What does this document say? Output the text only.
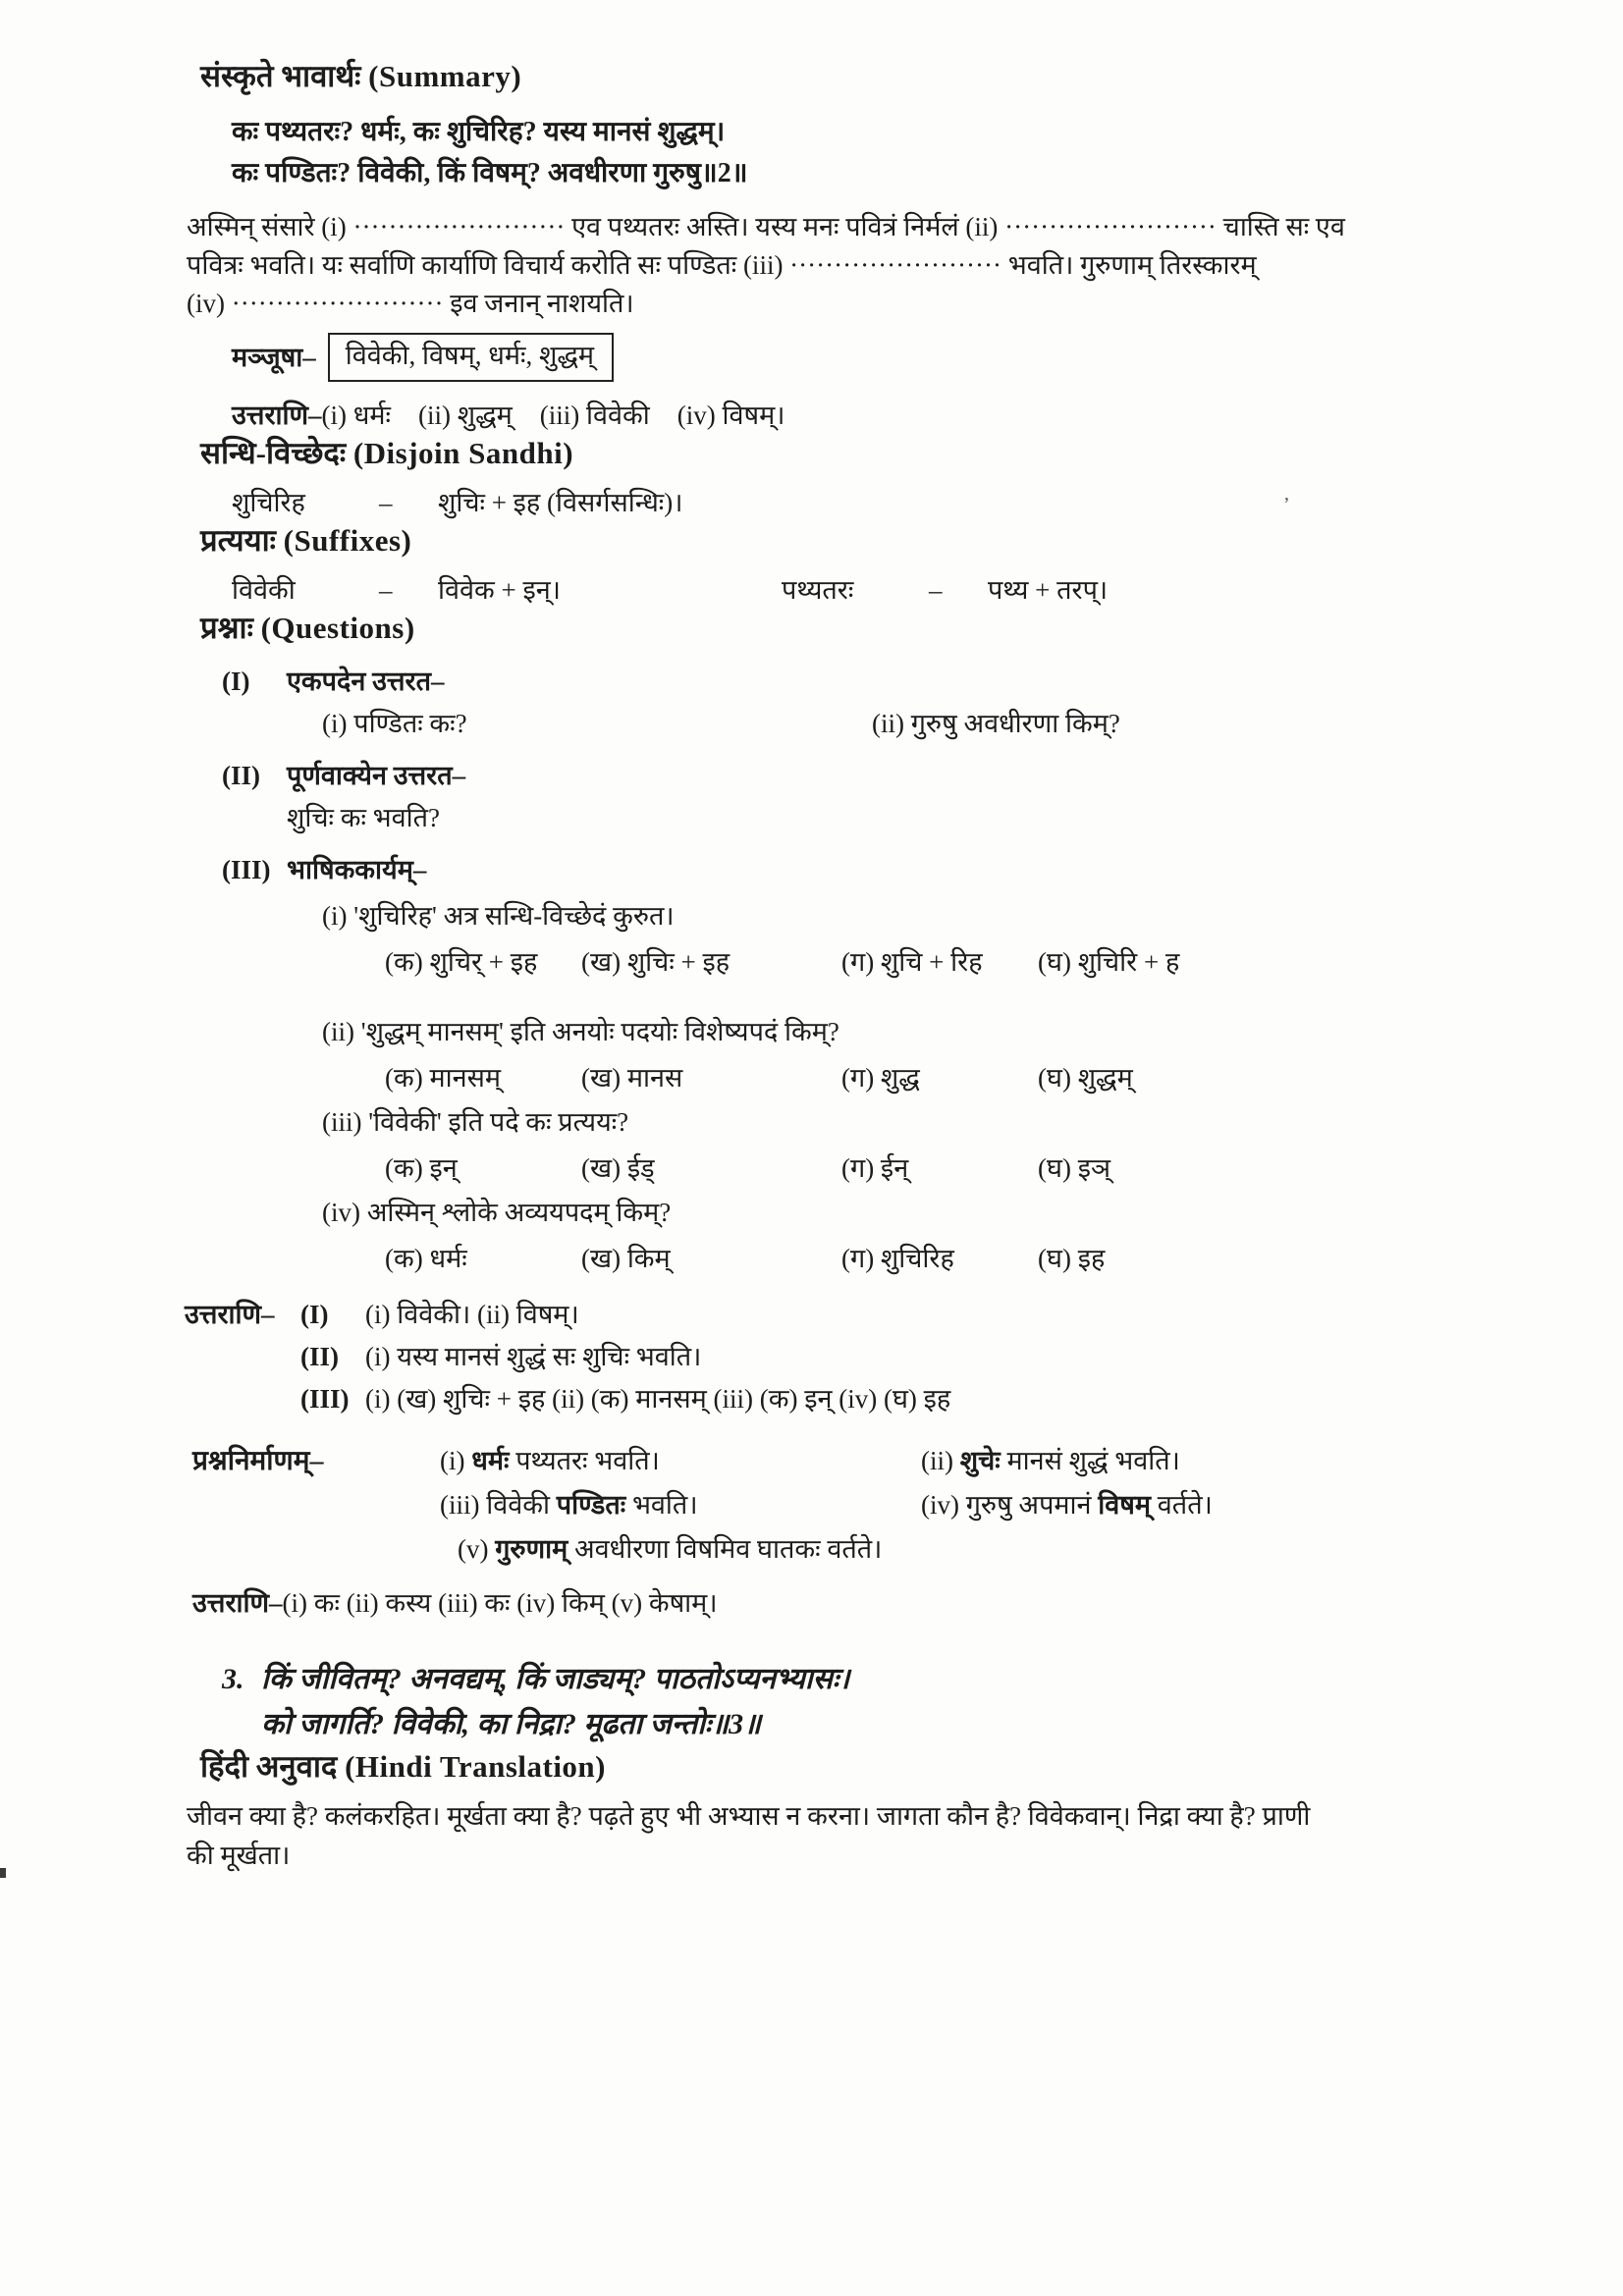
’
संस्कृते भावार्थः (Summary)
कः पथ्यतरः? धर्मः, कः शुचिरिह? यस्य मानसं शुद्धम्।
कः पण्डितः? विवेकी, किं विषम्? अवधीरणा गुरुषु॥2॥
अस्मिन् संसारे (i) ························ एव पथ्यतरः अस्ति। यस्य मनः पवित्रं निर्मलं (ii) ························ चास्ति सः एव
पवित्रः भवति। यः सर्वाणि कार्याणि विचार्य करोति सः पण्डितः (iii) ························ भवति। गुरुणाम् तिरस्कारम्
(iv) ························ इव जनान् नाशयति।
मञ्जूषा–	विवेकी, विषम्, धर्मः, शुद्धम्
उत्तराणि–(i) धर्मः (ii) शुद्धम् (iii) विवेकी (iv) विषम्।
सन्धि-विच्छेदः (Disjoin Sandhi)
शुचिरिह	–	शुचिः + इह (विसर्गसन्धिः)।
प्रत्ययाः (Suffixes)
विवेकी	–	विवेक + इन्।	पथ्यतरः	–	पथ्य + तरप्।
प्रश्नाः (Questions)
(I)	एकपदेन उत्तरत–
(i) पण्डितः कः?	(ii) गुरुषु अवधीरणा किम्?
(II)	पूर्णवाक्येन उत्तरत–
शुचिः कः भवति?
(III) भाषिककार्यम्–
(i) 'शुचिरिह' अत्र सन्धि-विच्छेदं कुरुत।
(क) शुचिर् + इह	(ख) शुचिः + इह	(ग) शुचि + रिह	(घ) शुचिरि + ह
(ii) 'शुद्धम् मानसम्' इति अनयोः पदयोः विशेष्यपदं किम्?
(क) मानसम्	(ख) मानस	(ग) शुद्ध	(घ) शुद्धम्
(iii) 'विवेकी' इति पदे कः प्रत्ययः?
(क) इन्	(ख) ईड्	(ग) ईन्	(घ) इञ्
(iv) अस्मिन् श्लोके अव्ययपदम् किम्?
(क) धर्मः	(ख) किम्	(ग) शुचिरिह	(घ) इह
उत्तराणि– (I)	(i) विवेकी। (ii) विषम्।
(II)	(i) यस्य मानसं शुद्धं सः शुचिः भवति।
(III) (i) (ख) शुचिः + इह (ii) (क) मानसम् (iii) (क) इन् (iv) (घ) इह
प्रश्ननिर्माणम्–	(i) धर्मः पथ्यतरः भवति।	(ii) शुचेः मानसं शुद्धं भवति।
(iii) विवेकी पण्डितः भवति।	(iv) गुरुषु अपमानं विषम् वर्तते।
(v) गुरुणाम् अवधीरणा विषमिव घातकः वर्तते।
उत्तराणि–(i) कः (ii) कस्य (iii) कः (iv) किम् (v) केषाम्।
3. किं जीवितम्? अनवद्यम्, किं जाड्यम्? पाठतोऽप्यनभ्यासः।
को जागर्ति? विवेकी, का निद्रा? मूढता जन्तोः॥3॥
हिंदी अनुवाद (Hindi Translation)
जीवन क्या है? कलंकरहित। मूर्खता क्या है? पढ़ते हुए भी अभ्यास न करना। जागता कौन है? विवेकवान्। निद्रा क्या है? प्राणी
की मूर्खता।
